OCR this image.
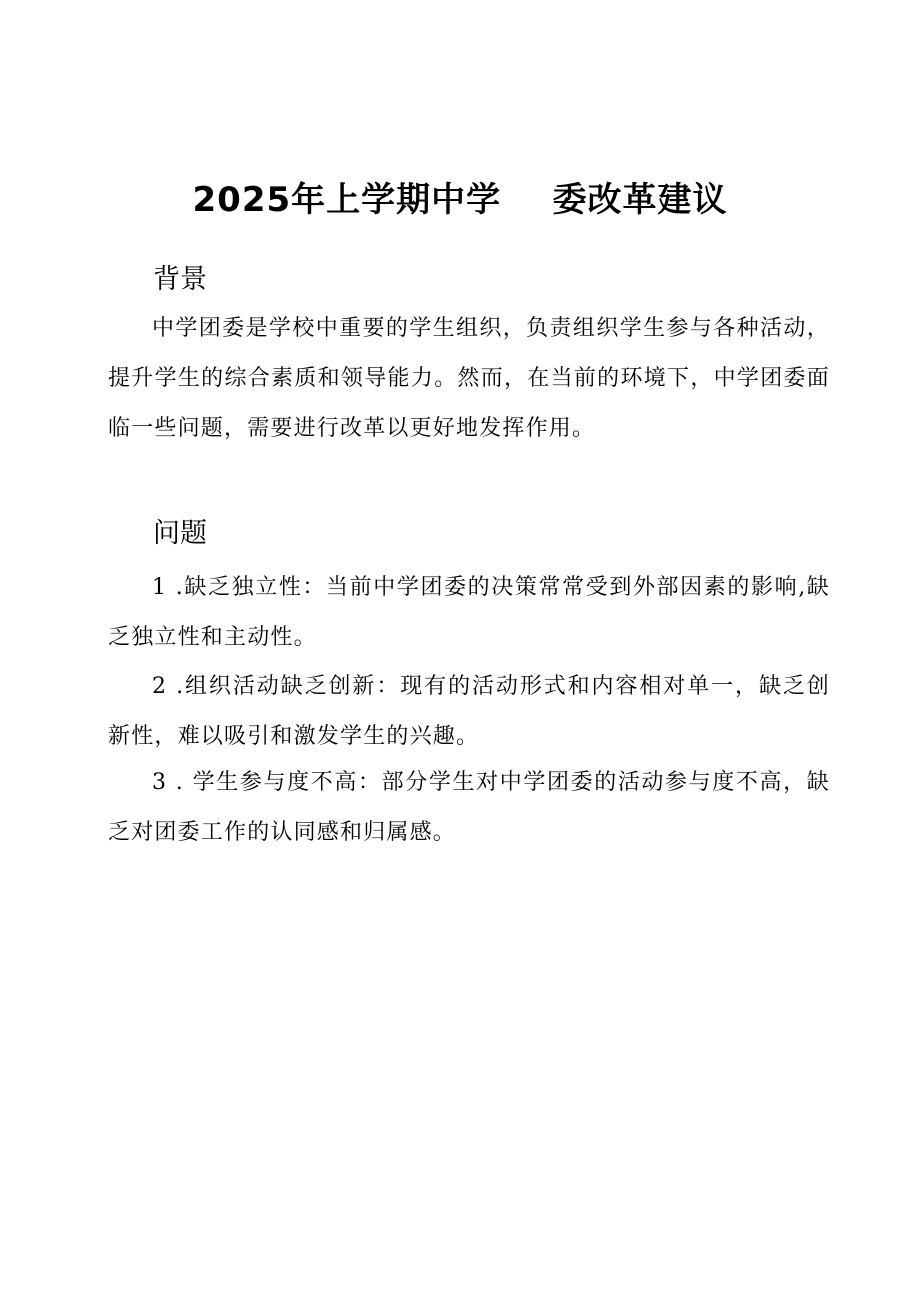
2025年上学期中学    委改革建议
背景
中学团委是学校中重要的学生组织，负责组织学生参与各种活动，提升学生的综合素质和领导能力。然而，在当前的环境下，中学团委面临一些问题，需要进行改革以更好地发挥作用。
问题
1 .缺乏独立性：当前中学团委的决策常常受到外部因素的影响,缺乏独立性和主动性。
2 .组织活动缺乏创新：现有的活动形式和内容相对单一，缺乏创新性，难以吸引和激发学生的兴趣。
3 . 学生参与度不高：部分学生对中学团委的活动参与度不高，缺乏对团委工作的认同感和归属感。
